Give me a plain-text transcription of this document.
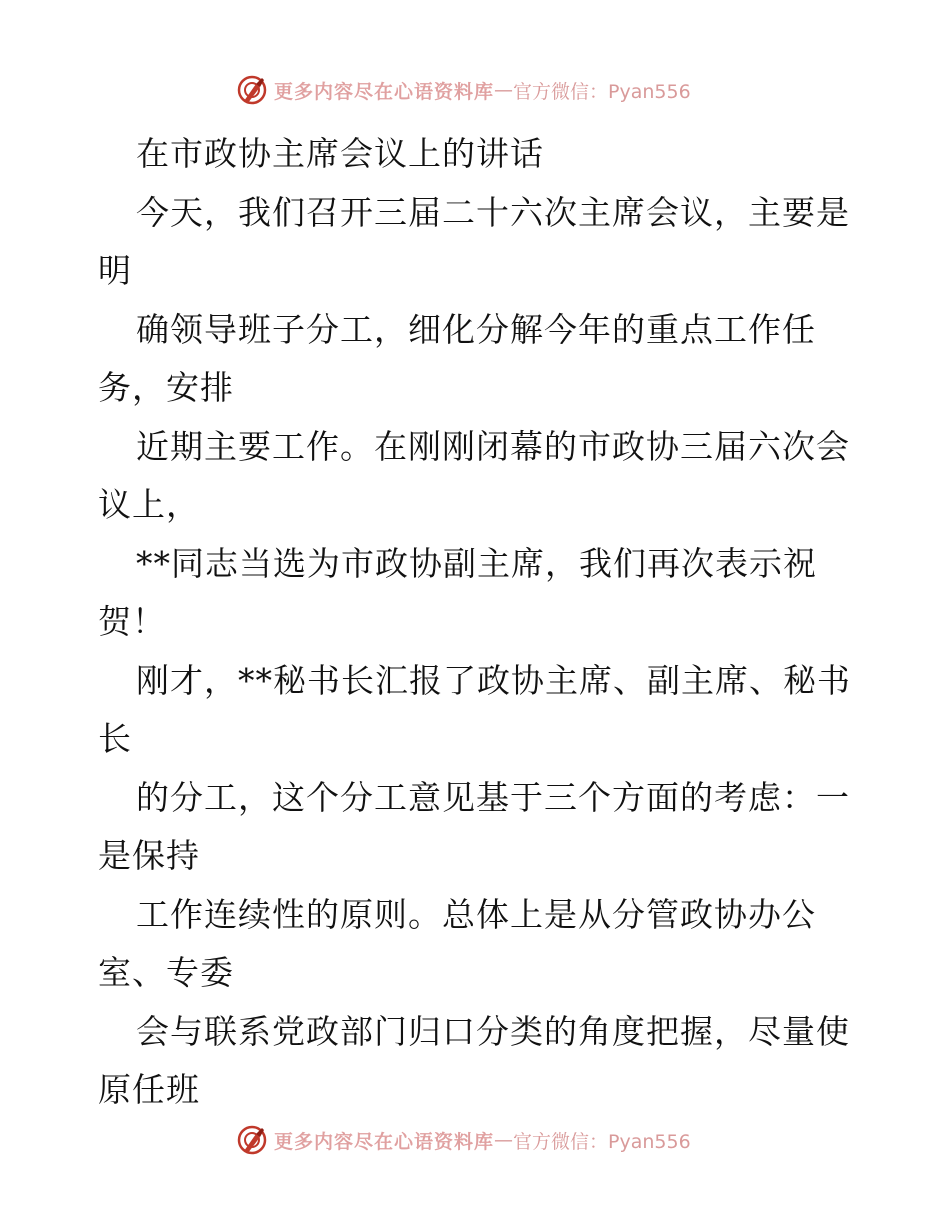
更多内容尽在心语资料库 — 官方微信：Pyan556
在市政协主席会议上的讲话
今天，我们召开三届二十六次主席会议，主要是
明
确领导班子分工，细化分解今年的重点工作任
务，安排
近期主要工作。在刚刚闭幕的市政协三届六次会
议上，
**同志当选为市政协副主席，我们再次表示祝
贺！
刚才，**秘书长汇报了政协主席、副主席、秘书
长
的分工，这个分工意见基于三个方面的考虑：一
是保持
工作连续性的原则。总体上是从分管政协办公
室、专委
会与联系党政部门归口分类的角度把握，尽量使
原任班
更多内容尽在心语资料库 — 官方微信：Pyan556
